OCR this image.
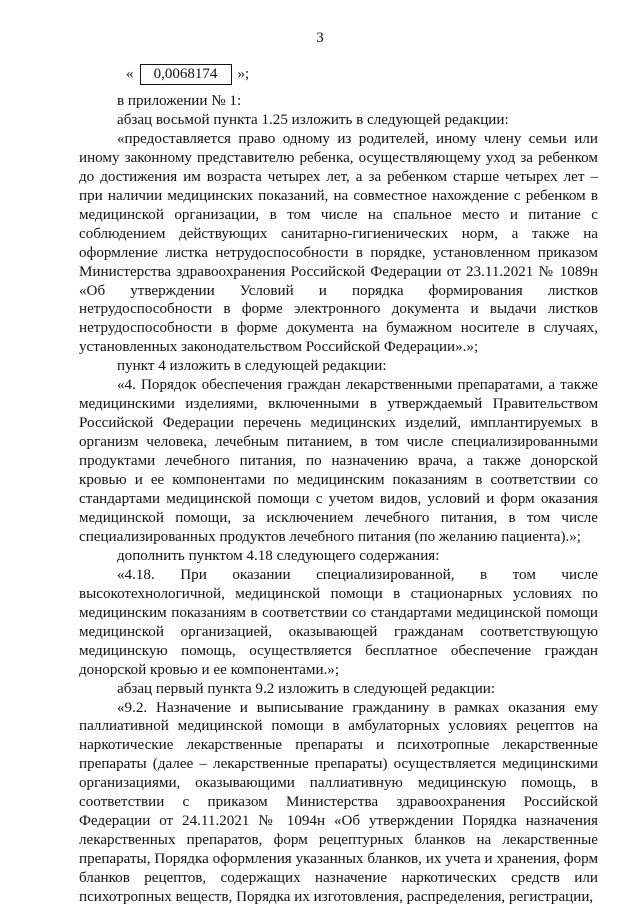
3
«	0,0068174	»;

в приложении № 1:

абзац восьмой пункта 1.25 изложить в следующей редакции:

«предоставляется право одному из родителей, иному члену семьи или иному законному представителю ребенка, осуществляющему уход за ребенком до достижения им возраста четырех лет, а за ребенком старше четырех лет – при наличии медицинских показаний, на совместное нахождение с ребенком в медицинской организации, в том числе на спальное место и питание с соблюдением действующих санитарно-гигиенических норм, а также на оформление листка нетрудоспособности в порядке, установленном приказом Министерства здравоохранения Российской Федерации от 23.11.2021 № 1089н «Об утверждении Условий и порядка формирования листков нетрудоспособности в форме электронного документа и выдачи листков нетрудоспособности в форме документа на бумажном носителе в случаях, установленных законодательством Российской Федерации».»;

пункт 4 изложить в следующей редакции:

«4. Порядок обеспечения граждан лекарственными препаратами, а также медицинскими изделиями, включенными в утверждаемый Правительством Российской Федерации перечень медицинских изделий, имплантируемых в организм человека, лечебным питанием, в том числе специализированными продуктами лечебного питания, по назначению врача, а также донорской кровью и ее компонентами по медицинским показаниям в соответствии со стандартами медицинской помощи с учетом видов, условий и форм оказания медицинской помощи, за исключением лечебного питания, в том числе специализированных продуктов лечебного питания (по желанию пациента).»;

дополнить пунктом 4.18 следующего содержания:

«4.18. При оказании специализированной, в том числе высокотехнологичной, медицинской помощи в стационарных условиях по медицинским показаниям в соответствии со стандартами медицинской помощи медицинской организацией, оказывающей гражданам соответствующую медицинскую помощь, осуществляется бесплатное обеспечение граждан донорской кровью и ее компонентами.»;

абзац первый пункта 9.2 изложить в следующей редакции:

«9.2. Назначение и выписывание гражданину в рамках оказания ему паллиативной медицинской помощи в амбулаторных условиях рецептов на наркотические лекарственные препараты и психотропные лекарственные препараты (далее – лекарственные препараты) осуществляется медицинскими организациями, оказывающими паллиативную медицинскую помощь, в соответствии с приказом Министерства здравоохранения Российской Федерации от 24.11.2021 № 1094н «Об утверждении Порядка назначения лекарственных препаратов, форм рецептурных бланков на лекарственные препараты, Порядка оформления указанных бланков, их учета и хранения, форм бланков рецептов, содержащих назначение наркотических средств или психотропных веществ, Порядка их изготовления, распределения, регистрации,
